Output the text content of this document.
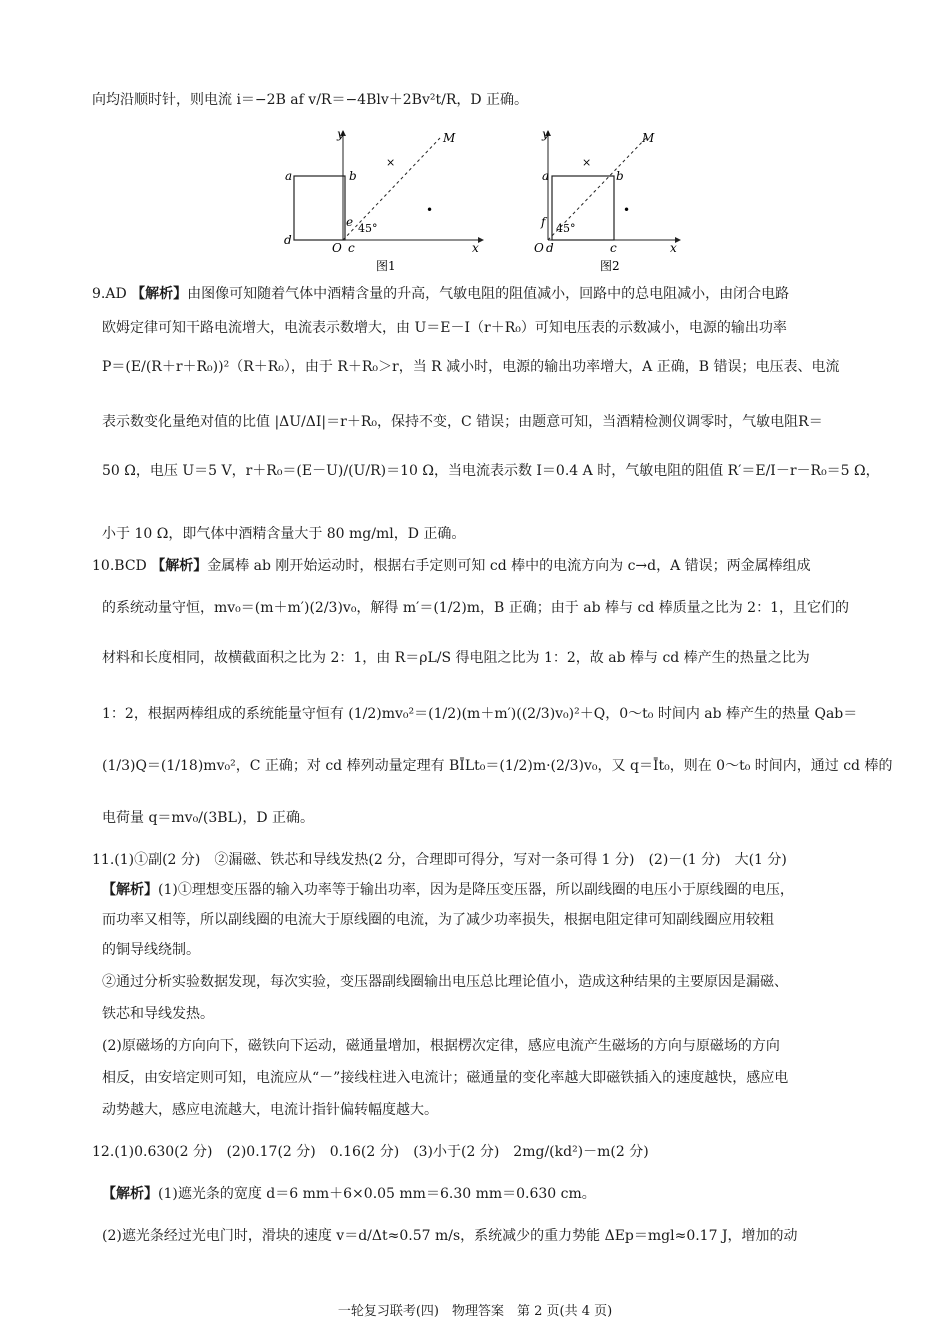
向均沿顺时针，则电流 i＝−2B af v/R＝−4Blv＋2Bv²t/R，D 正确。
y	M
×
a	b
•
e 45°
d
O c	x
图1
y	M
×
a	b
•
f 45°
O d	c	x
图2
9.AD 【解析】由图像可知随着气体中酒精含量的升高，气敏电阻的阻值减小，回路中的总电阻减小，由闭合电路
欧姆定律可知干路电流增大，电流表示数增大，由 U＝E－I（r＋R₀）可知电压表的示数减小，电源的输出功率
P＝(E/(R＋r＋R₀))²（R＋R₀），由于 R＋R₀＞r，当 R 减小时，电源的输出功率增大，A 正确，B 错误；电压表、电流
表示数变化量绝对值的比值 |ΔU/ΔI|＝r＋R₀，保持不变，C 错误；由题意可知，当酒精检测仪调零时，气敏电阻R＝
50 Ω，电压 U＝5 V，r＋R₀＝(E－U)/(U/R)＝10 Ω，当电流表示数 I＝0.4 A 时，气敏电阻的阻值 R′＝E/I－r－R₀＝5 Ω，
小于 10 Ω，即气体中酒精含量大于 80 mg/ml，D 正确。
10.BCD 【解析】金属棒 ab 刚开始运动时，根据右手定则可知 cd 棒中的电流方向为 c→d，A 错误；两金属棒组成
的系统动量守恒，mv₀＝(m＋m′)(2/3)v₀，解得 m′＝(1/2)m，B 正确；由于 ab 棒与 cd 棒质量之比为 2：1，且它们的
材料和长度相同，故横截面积之比为 2：1，由 R＝ρL/S 得电阻之比为 1：2，故 ab 棒与 cd 棒产生的热量之比为
1：2，根据两棒组成的系统能量守恒有 (1/2)mv₀²＝(1/2)(m＋m′)((2/3)v₀)²＋Q，0～t₀ 时间内 ab 棒产生的热量 Qab＝
(1/3)Q＝(1/18)mv₀²，C 正确；对 cd 棒列动量定理有 BĪLt₀＝(1/2)m·(2/3)v₀，又 q＝Īt₀，则在 0～t₀ 时间内，通过 cd 棒的
电荷量 q＝mv₀/(3BL)，D 正确。
11.(1)①副(2 分)　②漏磁、铁芯和导线发热(2 分，合理即可得分，写对一条可得 1 分)　(2)－(1 分)　大(1 分)
【解析】(1)①理想变压器的输入功率等于输出功率，因为是降压变压器，所以副线圈的电压小于原线圈的电压，
而功率又相等，所以副线圈的电流大于原线圈的电流，为了减少功率损失，根据电阻定律可知副线圈应用较粗
的铜导线绕制。
②通过分析实验数据发现，每次实验，变压器副线圈输出电压总比理论值小，造成这种结果的主要原因是漏磁、
铁芯和导线发热。
(2)原磁场的方向向下，磁铁向下运动，磁通量增加，根据楞次定律，感应电流产生磁场的方向与原磁场的方向
相反，由安培定则可知，电流应从“－”接线柱进入电流计；磁通量的变化率越大即磁铁插入的速度越快，感应电
动势越大，感应电流越大，电流计指针偏转幅度越大。
12.(1)0.630(2 分)　(2)0.17(2 分)　0.16(2 分)　(3)小于(2 分)　2mg/(kd²)－m(2 分)
【解析】(1)遮光条的宽度 d＝6 mm＋6×0.05 mm＝6.30 mm＝0.630 cm。
(2)遮光条经过光电门时，滑块的速度 v＝d/Δt≈0.57 m/s，系统减少的重力势能 ΔEp＝mgl≈0.17 J，增加的动
一轮复习联考(四)　物理答案　第 2 页(共 4 页)
